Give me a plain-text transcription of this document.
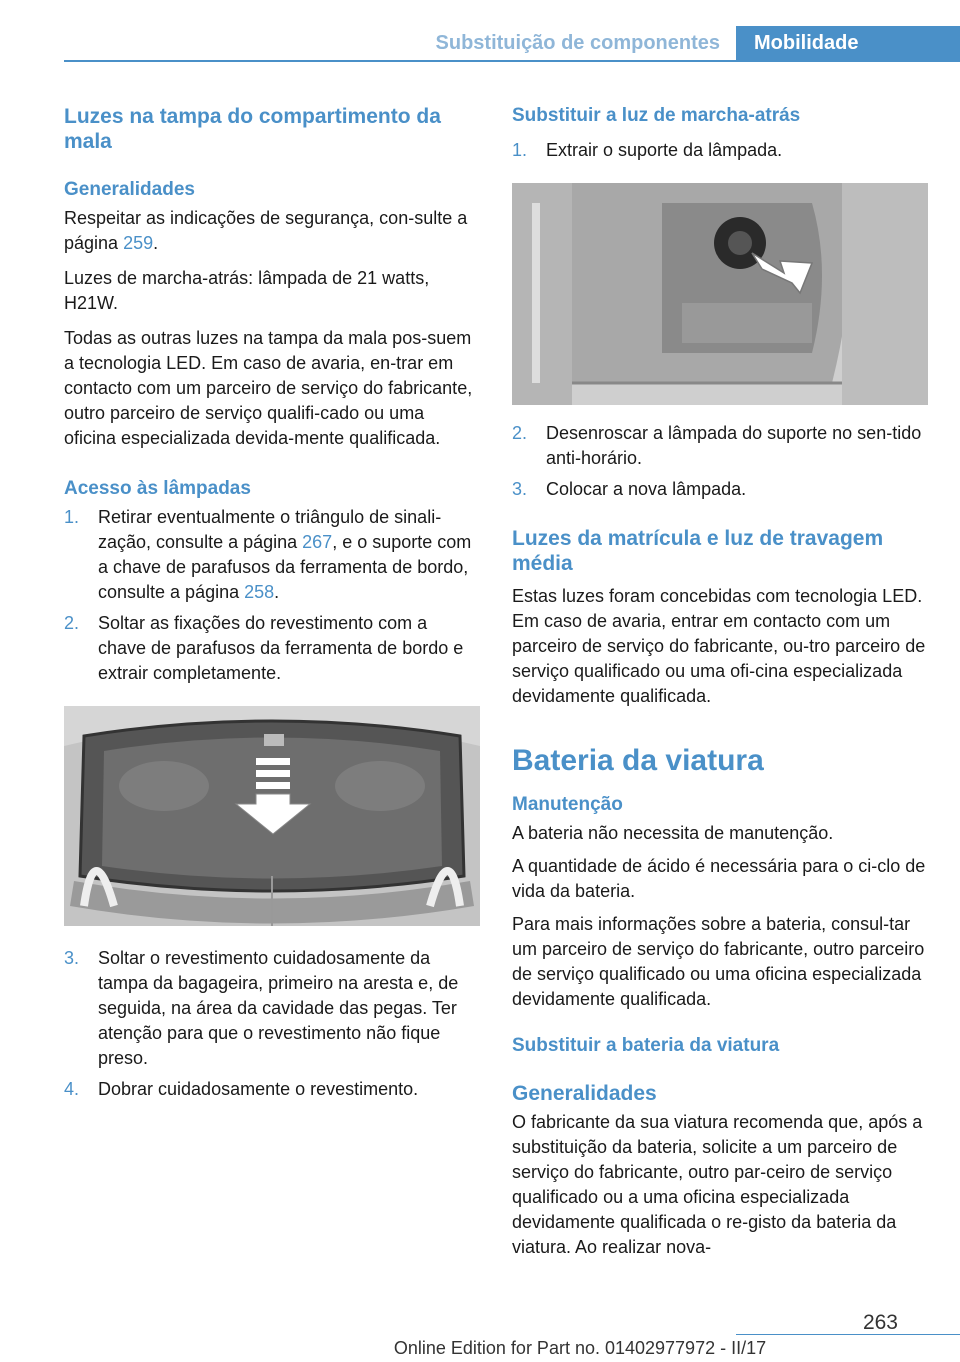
Substituição de componentes	Mobilidade
Luzes na tampa do compartimento da mala
Generalidades

Respeitar as indicações de segurança, con‐sulte a página 259.

Luzes de marcha-atrás: lâmpada de 21 watts, H21W.

Todas as outras luzes na tampa da mala pos‐suem a tecnologia LED. Em caso de avaria, en‐trar em contacto com um parceiro de serviço do fabricante, outro parceiro de serviço qualifi‐cado ou uma oficina especializada devida‐mente qualificada.

Acesso às lâmpadas
1. Retirar eventualmente o triângulo de sinali‐zação, consulte a página 267, e o suporte com a chave de parafusos da ferramenta de bordo, consulte a página 258.
2. Soltar as fixações do revestimento com a chave de parafusos da ferramenta de bordo e extrair completamente.
3. Soltar o revestimento cuidadosamente da tampa da bagageira, primeiro na aresta e, de seguida, na área da cavidade das pegas. Ter atenção para que o revestimento não fique preso.
4. Dobrar cuidadosamente o revestimento.
Substituir a luz de marcha-atrás
1. Extrair o suporte da lâmpada.
2. Desenroscar a lâmpada do suporte no sen‐tido anti-horário.
3. Colocar a nova lâmpada.
Luzes da matrícula e luz de travagem média

Estas luzes foram concebidas com tecnologia LED. Em caso de avaria, entrar em contacto com um parceiro de serviço do fabricante, ou‐tro parceiro de serviço qualificado ou uma ofi‐cina especializada devidamente qualificada.

Bateria da viatura
Manutenção

A bateria não necessita de manutenção.

A quantidade de ácido é necessária para o ci‐clo de vida da bateria.

Para mais informações sobre a bateria, consul‐tar um parceiro de serviço do fabricante, outro parceiro de serviço qualificado ou uma oficina especializada devidamente qualificada.

Substituir a bateria da viatura
Generalidades

O fabricante da sua viatura recomenda que, após a substituição da bateria, solicite a um parceiro de serviço do fabricante, outro par‐ceiro de serviço qualificado ou a uma oficina especializada devidamente qualificada o re‐gisto da bateria da viatura. Ao realizar nova-

263
Online Edition for Part no. 01402977972 - II/17
